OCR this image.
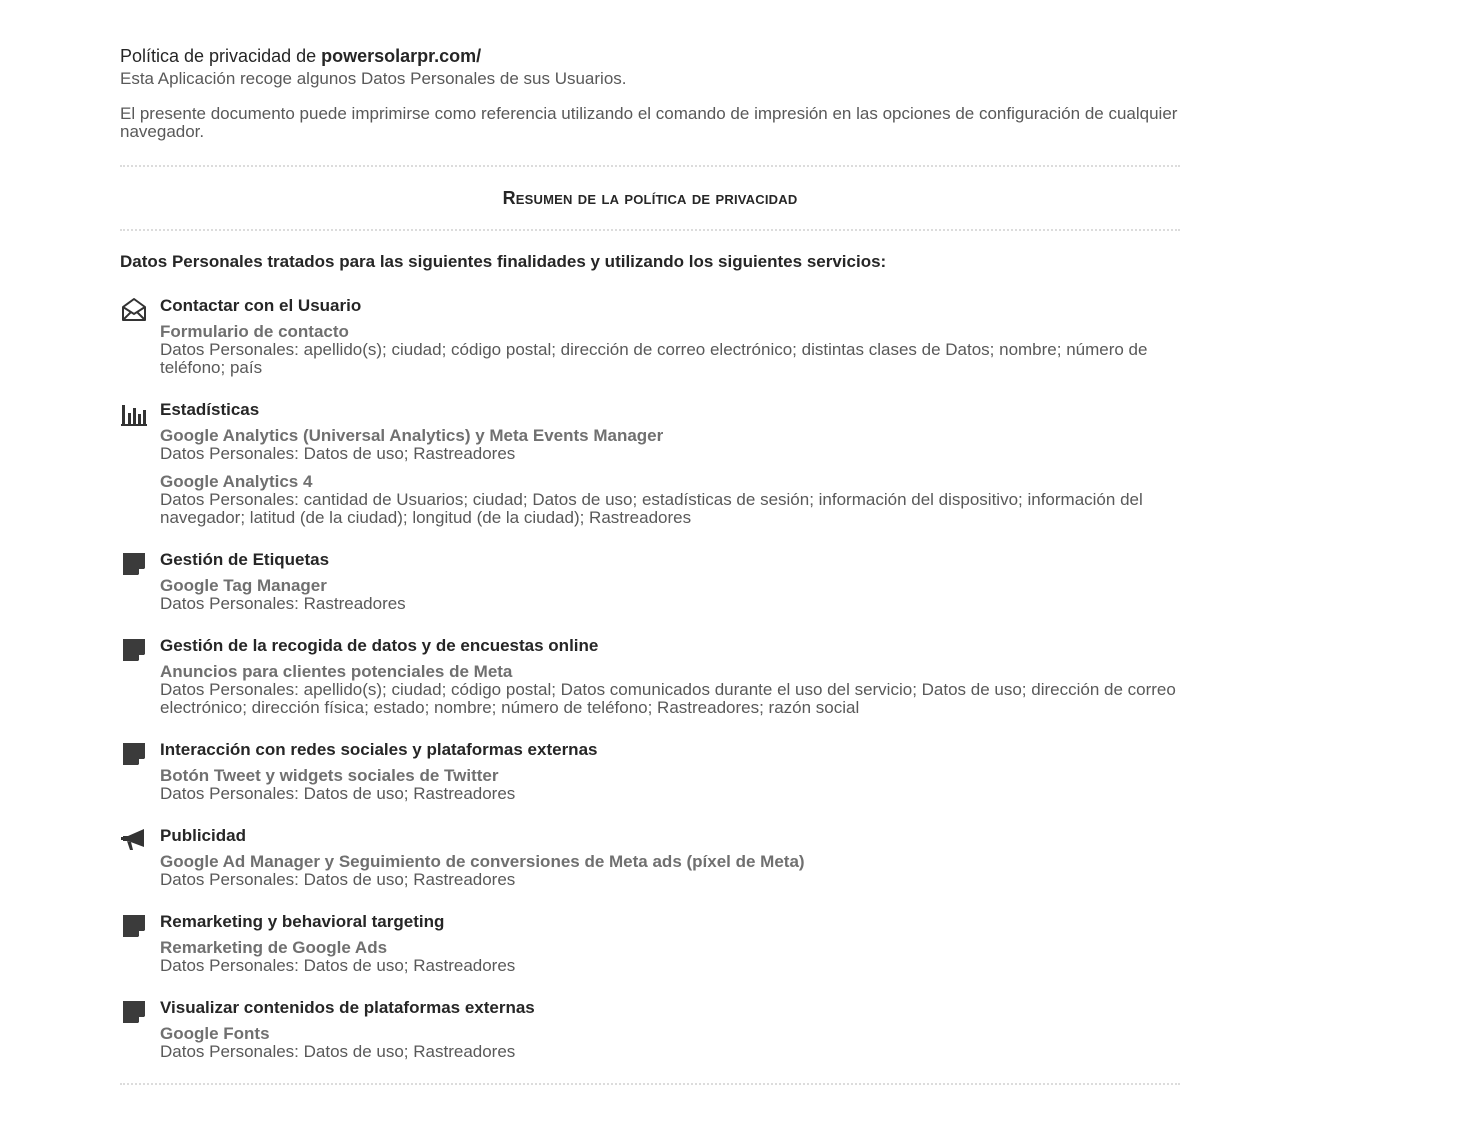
Política de privacidad de powersolarpr.com/

Esta Aplicación recoge algunos Datos Personales de sus Usuarios.

El presente documento puede imprimirse como referencia utilizando el comando de impresión en las opciones de configuración de cualquier navegador.

Resumen de la política de privacidad

Datos Personales tratados para las siguientes finalidades y utilizando los siguientes servicios:

Contactar con el Usuario
Formulario de contacto

Datos Personales: apellido(s); ciudad; código postal; dirección de correo electrónico; distintas clases de Datos; nombre; número de teléfono; país

Estadísticas
Google Analytics (Universal Analytics) y Meta Events Manager

Datos Personales: Datos de uso; Rastreadores

Google Analytics 4

Datos Personales: cantidad de Usuarios; ciudad; Datos de uso; estadísticas de sesión; información del dispositivo; información del navegador; latitud (de la ciudad); longitud (de la ciudad); Rastreadores

Gestión de Etiquetas
Google Tag Manager

Datos Personales: Rastreadores

Gestión de la recogida de datos y de encuestas online
Anuncios para clientes potenciales de Meta

Datos Personales: apellido(s); ciudad; código postal; Datos comunicados durante el uso del servicio; Datos de uso; dirección de correo electrónico; dirección física; estado; nombre; número de teléfono; Rastreadores; razón social

Interacción con redes sociales y plataformas externas
Botón Tweet y widgets sociales de Twitter

Datos Personales: Datos de uso; Rastreadores

Publicidad
Google Ad Manager y Seguimiento de conversiones de Meta ads (píxel de Meta)

Datos Personales: Datos de uso; Rastreadores

Remarketing y behavioral targeting
Remarketing de Google Ads

Datos Personales: Datos de uso; Rastreadores

Visualizar contenidos de plataformas externas
Google Fonts

Datos Personales: Datos de uso; Rastreadores
